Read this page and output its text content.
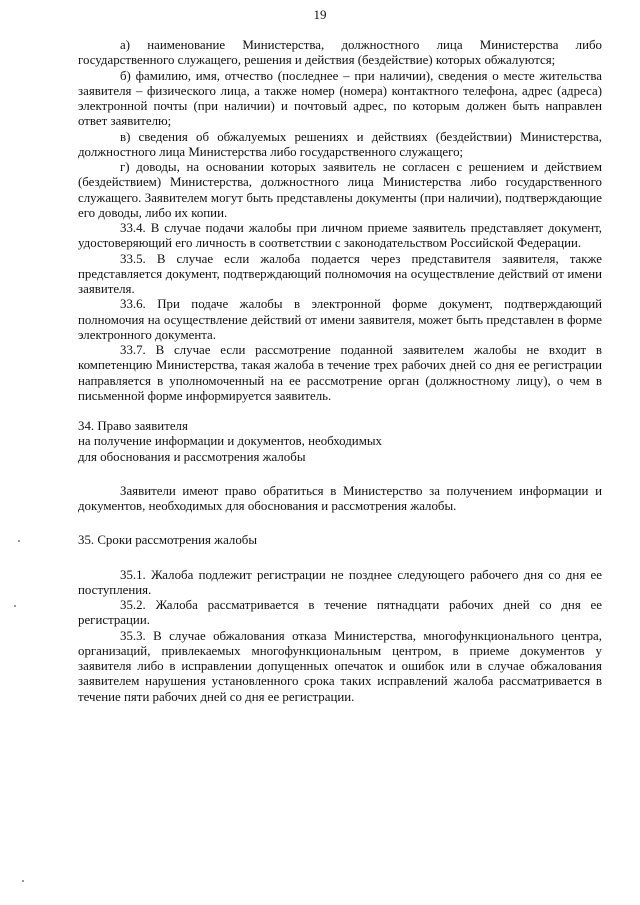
19

а) наименование Министерства, должностного лица Министерства либо государственного служащего, решения и действия (бездействие) которых обжалуются;

б) фамилию, имя, отчество (последнее – при наличии), сведения о месте жительства заявителя – физического лица, а также номер (номера) контактного телефона, адрес (адреса) электронной почты (при наличии) и почтовый адрес, по которым должен быть направлен ответ заявителю;

в) сведения об обжалуемых решениях и действиях (бездействии) Министерства, должностного лица Министерства либо государственного служащего;

г) доводы, на основании которых заявитель не согласен с решением и действием (бездействием) Министерства, должностного лица Министерства либо государственного служащего. Заявителем могут быть представлены документы (при наличии), подтверждающие его доводы, либо их копии.

33.4. В случае подачи жалобы при личном приеме заявитель представляет документ, удостоверяющий его личность в соответствии с законодательством Российской Федерации.

33.5. В случае если жалоба подается через представителя заявителя, также представляется документ, подтверждающий полномочия на осуществление действий от имени заявителя.

33.6. При подаче жалобы в электронной форме документ, подтверждающий полномочия на осуществление действий от имени заявителя, может быть представлен в форме электронного документа.

33.7. В случае если рассмотрение поданной заявителем жалобы не входит в компетенцию Министерства, такая жалоба в течение трех рабочих дней со дня ее регистрации направляется в уполномоченный на ее рассмотрение орган (должностному лицу), о чем в письменной форме информируется заявитель.

34. Право заявителя
на получение информации и документов, необходимых
для обоснования и рассмотрения жалобы

Заявители имеют право обратиться в Министерство за получением информации и документов, необходимых для обоснования и рассмотрения жалобы.

35. Сроки рассмотрения жалобы

35.1. Жалоба подлежит регистрации не позднее следующего рабочего дня со дня ее поступления.

35.2. Жалоба рассматривается в течение пятнадцати рабочих дней со дня ее регистрации.

35.3. В случае обжалования отказа Министерства, многофункционального центра, организаций, привлекаемых многофункциональным центром, в приеме документов у заявителя либо в исправлении допущенных опечаток и ошибок или в случае обжалования заявителем нарушения установленного срока таких исправлений жалоба рассматривается в течение пяти рабочих дней со дня ее регистрации.
